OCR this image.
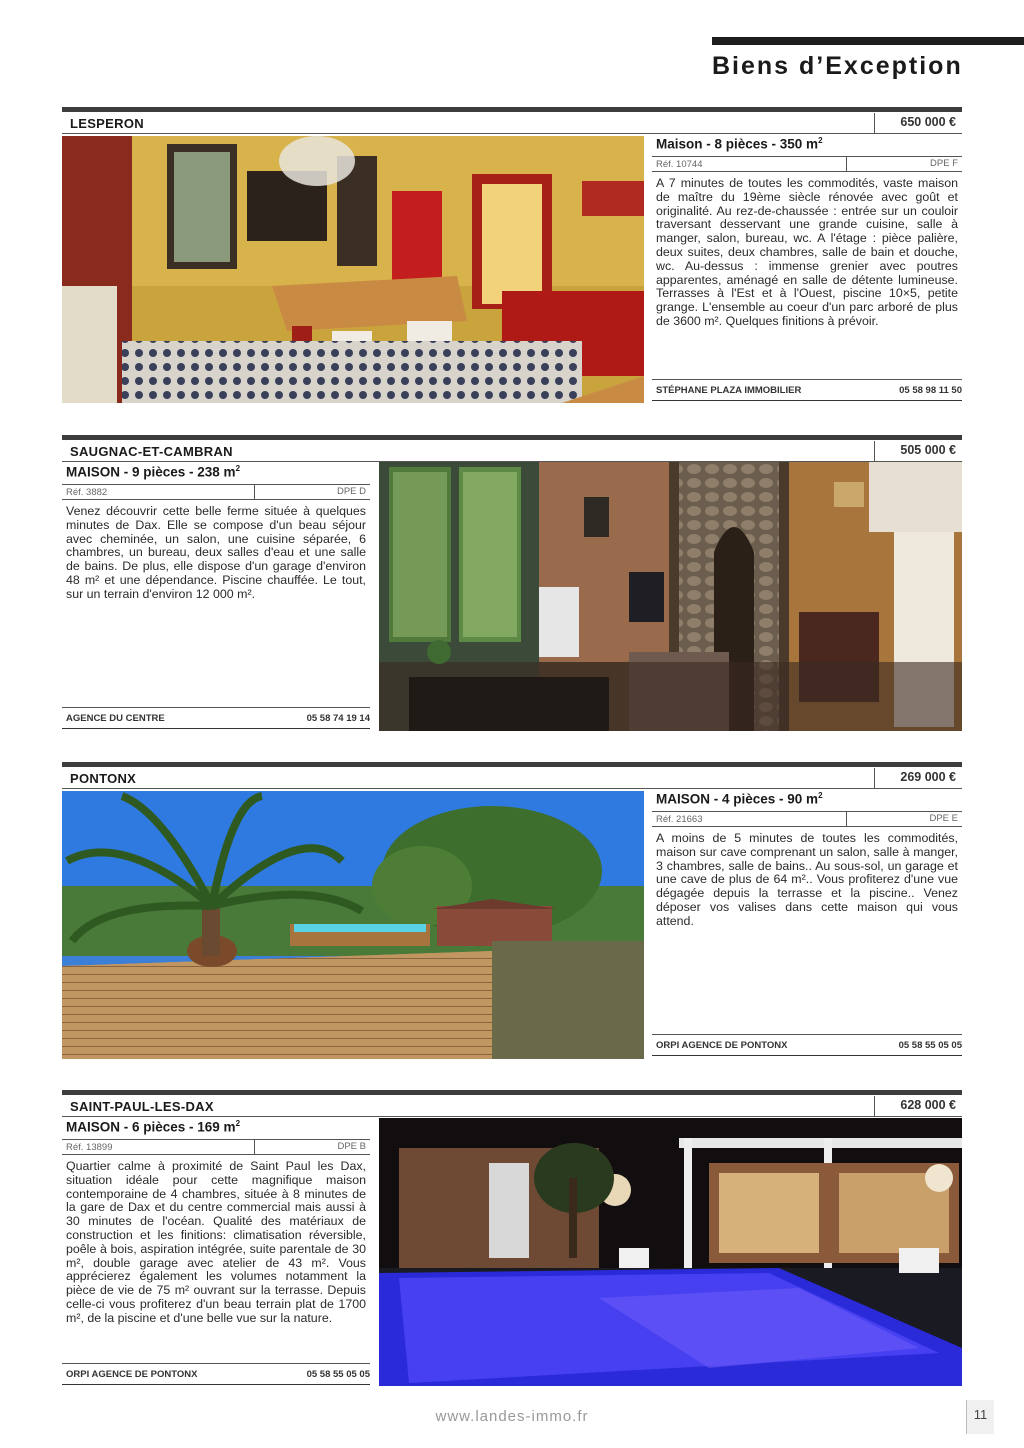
Biens d’Exception
LESPERON	650 000 €
Maison - 8 pièces - 350 $m^2$
Réf. 10744	DPE F
A 7 minutes de toutes les commodités, vaste maison de maître du 19ème siècle rénovée avec goût et originalité. Au rez-de-chaussée : entrée sur un couloir traversant desservant une grande cuisine, salle à manger, salon, bureau, wc. A l'étage : pièce palière, deux suites, deux chambres, salle de bain et douche, wc. Au-dessus : immense grenier avec poutres apparentes, aménagé en salle de détente lumineuse. Terrasses à l'Est et à l'Ouest, piscine 10×5, petite grange. L'ensemble au coeur d'un parc arboré de plus de 3600 m². Quelques finitions à prévoir.
STÉPHANE PLAZA IMMOBILIER	05 58 98 11 50
SAUGNAC-ET-CAMBRAN	505 000 €
MAISON - 9 pièces - 238 $m^2$
Réf. 3882	DPE D
Venez découvrir cette belle ferme située à quelques minutes de Dax. Elle se compose d'un beau séjour avec cheminée, un salon, une cuisine séparée, 6 chambres, un bureau, deux salles d'eau et une salle de bains. De plus, elle dispose d'un garage d'environ 48 m² et une dépendance. Piscine chauffée. Le tout, sur un terrain d'environ 12 000 m².
AGENCE DU CENTRE	05 58 74 19 14
PONTONX	269 000 €
MAISON - 4 pièces - 90 $m^2$
Réf. 21663	DPE E
A moins de 5 minutes de toutes les commodités, maison sur cave comprenant un salon, salle à manger, 3 chambres, salle de bains.. Au sous-sol, un garage et une cave de plus de 64 m².. Vous profiterez d'une vue dégagée depuis la terrasse et la piscine.. Venez déposer vos valises dans cette maison qui vous attend.
ORPI AGENCE DE PONTONX	05 58 55 05 05
SAINT-PAUL-LES-DAX	628 000 €
MAISON - 6 pièces - 169 $m^2$
Réf. 13899	DPE B
Quartier calme à proximité de Saint Paul les Dax, situation idéale pour cette magnifique maison contemporaine de 4 chambres, située à 8 minutes de la gare de Dax et du centre commercial mais aussi à 30 minutes de l'océan. Qualité des matériaux de construction et les finitions: climatisation réversible, poêle à bois, aspiration intégrée, suite parentale de 30 m², double garage avec atelier de 43 m². Vous apprécierez également les volumes notamment la pièce de vie de 75 m² ouvrant sur la terrasse. Depuis celle-ci vous profiterez d'un beau terrain plat de 1700 m², de la piscine et d'une belle vue sur la nature.
ORPI AGENCE DE PONTONX	05 58 55 05 05
www.landes-immo.fr	11
